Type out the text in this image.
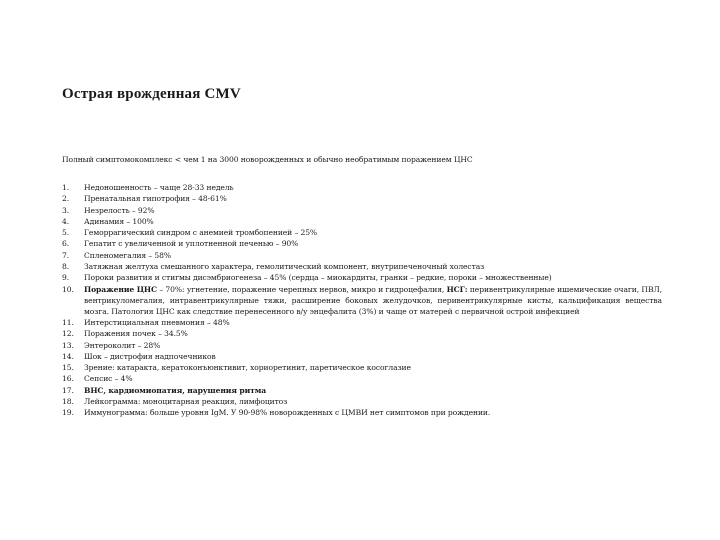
Острая врожденная CMV
Полный симптомокомплекс < чем 1 на 3000 новорожденных и обычно необратимым поражением ЦНС
1.	Недоношенность – чаще 28-33 недель
2.	Пренатальная гипотрофия – 48-61%
3.	Незрелость – 92%
4.	Адинамия – 100%
5.	Геморрагический синдром с анемией тромбопенией – 25%
6.	Гепатит с увеличенной и уплотненной печенью – 90%
7.	Спленомегалия – 58%
8.	Затяжная желтуха смешанного характера, гемолитический компонент, внутрипеченочный холестаз
9.	Пороки развития и стигмы дисэмбриогенеза – 45% (сердца – миокардиты, гранки – редкие, пороки – множественные)
10.	Поражение ЦНС – 70%: угнетение, поражение черепных нервов, микро и гидроцефалия, НСГ: перивентрикулярные ишемические очаги, ПВЛ, вентрикуломегалия, интравентрикулярные тяжи, расширение боковых желудочков, перивентрикулярные кисты, кальцификация вещества мозга. Патология ЦНС как следствие перенесенного в/у энцефалита (3%) и чаще от матерей с первичной острой инфекцией
11.	Интерстициальная пневмония – 48%
12.	Поражения почек – 34.5%
13.	Энтероколит – 28%
14.	Шок – дистрофия надпочечников
15.	Зрение: катаракта, кератоконъюнктивит, хориоретинит, паретическое косоглазие
16.	Сепсис – 4%
17.	ВНС, кардиомиопатия, нарушения ритма
18.	Лейкограмма: моноцитарная реакция, лимфоцитоз
19.	Иммунограмма: больше уровня IgM. У 90-98% новорожденных с ЦМВИ нет симптомов при рождении.
